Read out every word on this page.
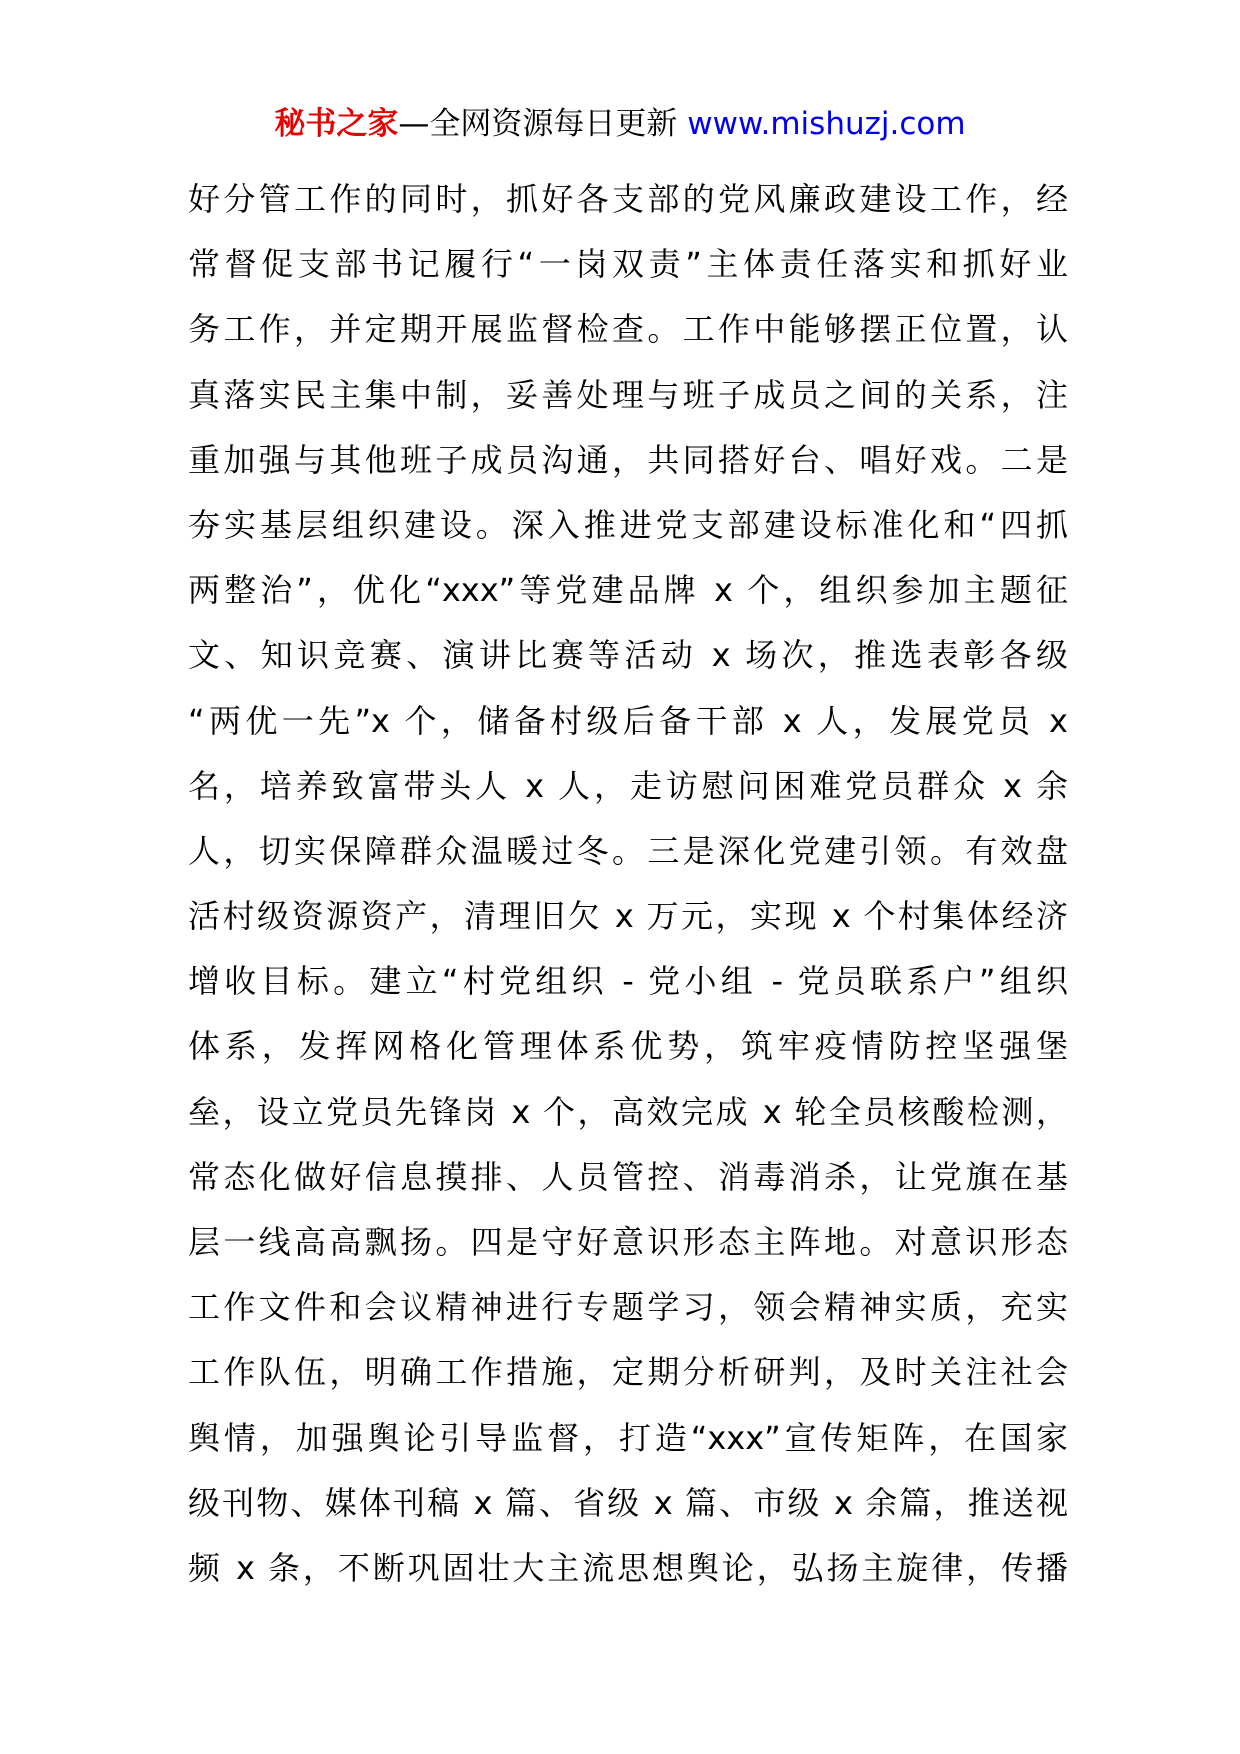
秘书之家—全网资源每日更新 www.mishuzj.com
好分管工作的同时，抓好各支部的党风廉政建设工作，经
常督促支部书记履行“一岗双责”主体责任落实和抓好业
务工作，并定期开展监督检查。工作中能够摆正位置，认
真落实民主集中制，妥善处理与班子成员之间的关系，注
重加强与其他班子成员沟通，共同搭好台、唱好戏。二是
夯实基层组织建设。深入推进党支部建设标准化和“四抓
两整治”，优化“xxx”等党建品牌 x 个，组织参加主题征
文、知识竞赛、演讲比赛等活动 x 场次，推选表彰各级
“两优一先”x 个，储备村级后备干部 x 人，发展党员 x
名，培养致富带头人 x 人，走访慰问困难党员群众 x 余
人，切实保障群众温暖过冬。三是深化党建引领。有效盘
活村级资源资产，清理旧欠 x 万元，实现 x 个村集体经济
增收目标。建立“村党组织 - 党小组 - 党员联系户”组织
体系，发挥网格化管理体系优势，筑牢疫情防控坚强堡
垒，设立党员先锋岗 x 个，高效完成 x 轮全员核酸检测，
常态化做好信息摸排、人员管控、消毒消杀，让党旗在基
层一线高高飘扬。四是守好意识形态主阵地。对意识形态
工作文件和会议精神进行专题学习，领会精神实质，充实
工作队伍，明确工作措施，定期分析研判，及时关注社会
舆情，加强舆论引导监督，打造“xxx”宣传矩阵，在国家
级刊物、媒体刊稿 x 篇、省级 x 篇、市级 x 余篇，推送视
频 x 条，不断巩固壮大主流思想舆论，弘扬主旋律，传播
